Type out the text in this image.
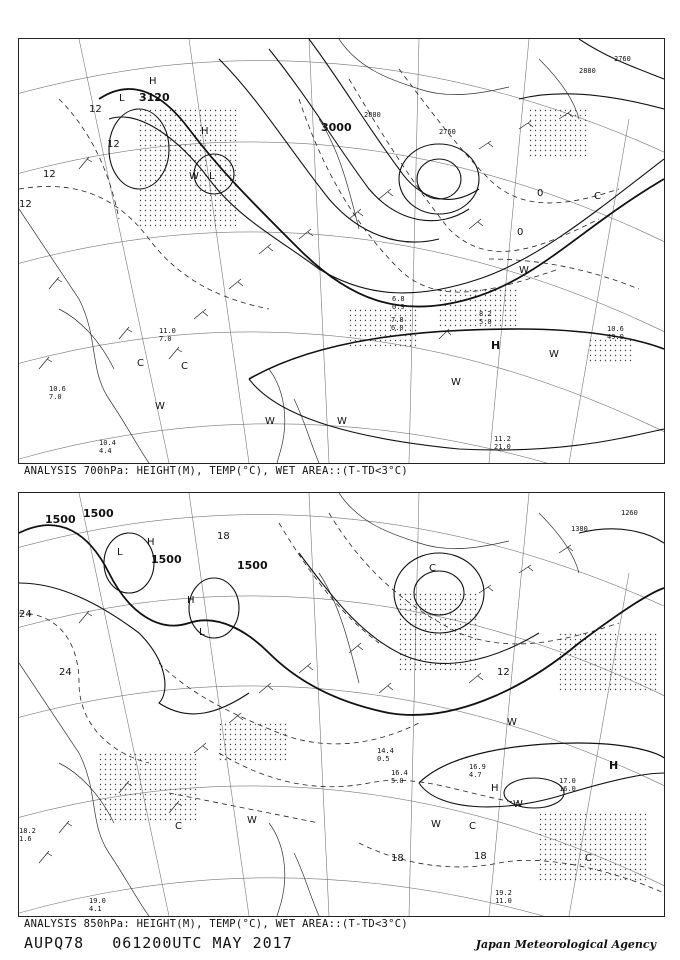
3120
3000
2880
2760
2880
2760
12
12
12
12
0
0
H
L
L
H
W
W
C
W
H
W
W
C	C
W	W
10.6 49.0
11.2 21.0
8.2 5.0
7.8 6.0
6.8 0.9
11.0 7.0
10.6 7.0
10.4 4.4
ANALYSIS 700hPa: HEIGHT(M), TEMP(°C), WET AREA::(T-TD<3°C)
1500 1500
1500	1500
1380
1260
24
24
18
18	18
12
L
H
H
L
C
W
H
W
W	C
C
W
H
C
16.9 4.7
17.0 16.0
19.2 11.0
16.4 5.0
14.4 0.5
19.0 4.1
18.2 1.6
ANALYSIS 850hPa: HEIGHT(M), TEMP(°C), WET AREA::(T-TD<3°C)
AUPQ78 061200UTC MAY 2017	Japan Meteorological Agency
